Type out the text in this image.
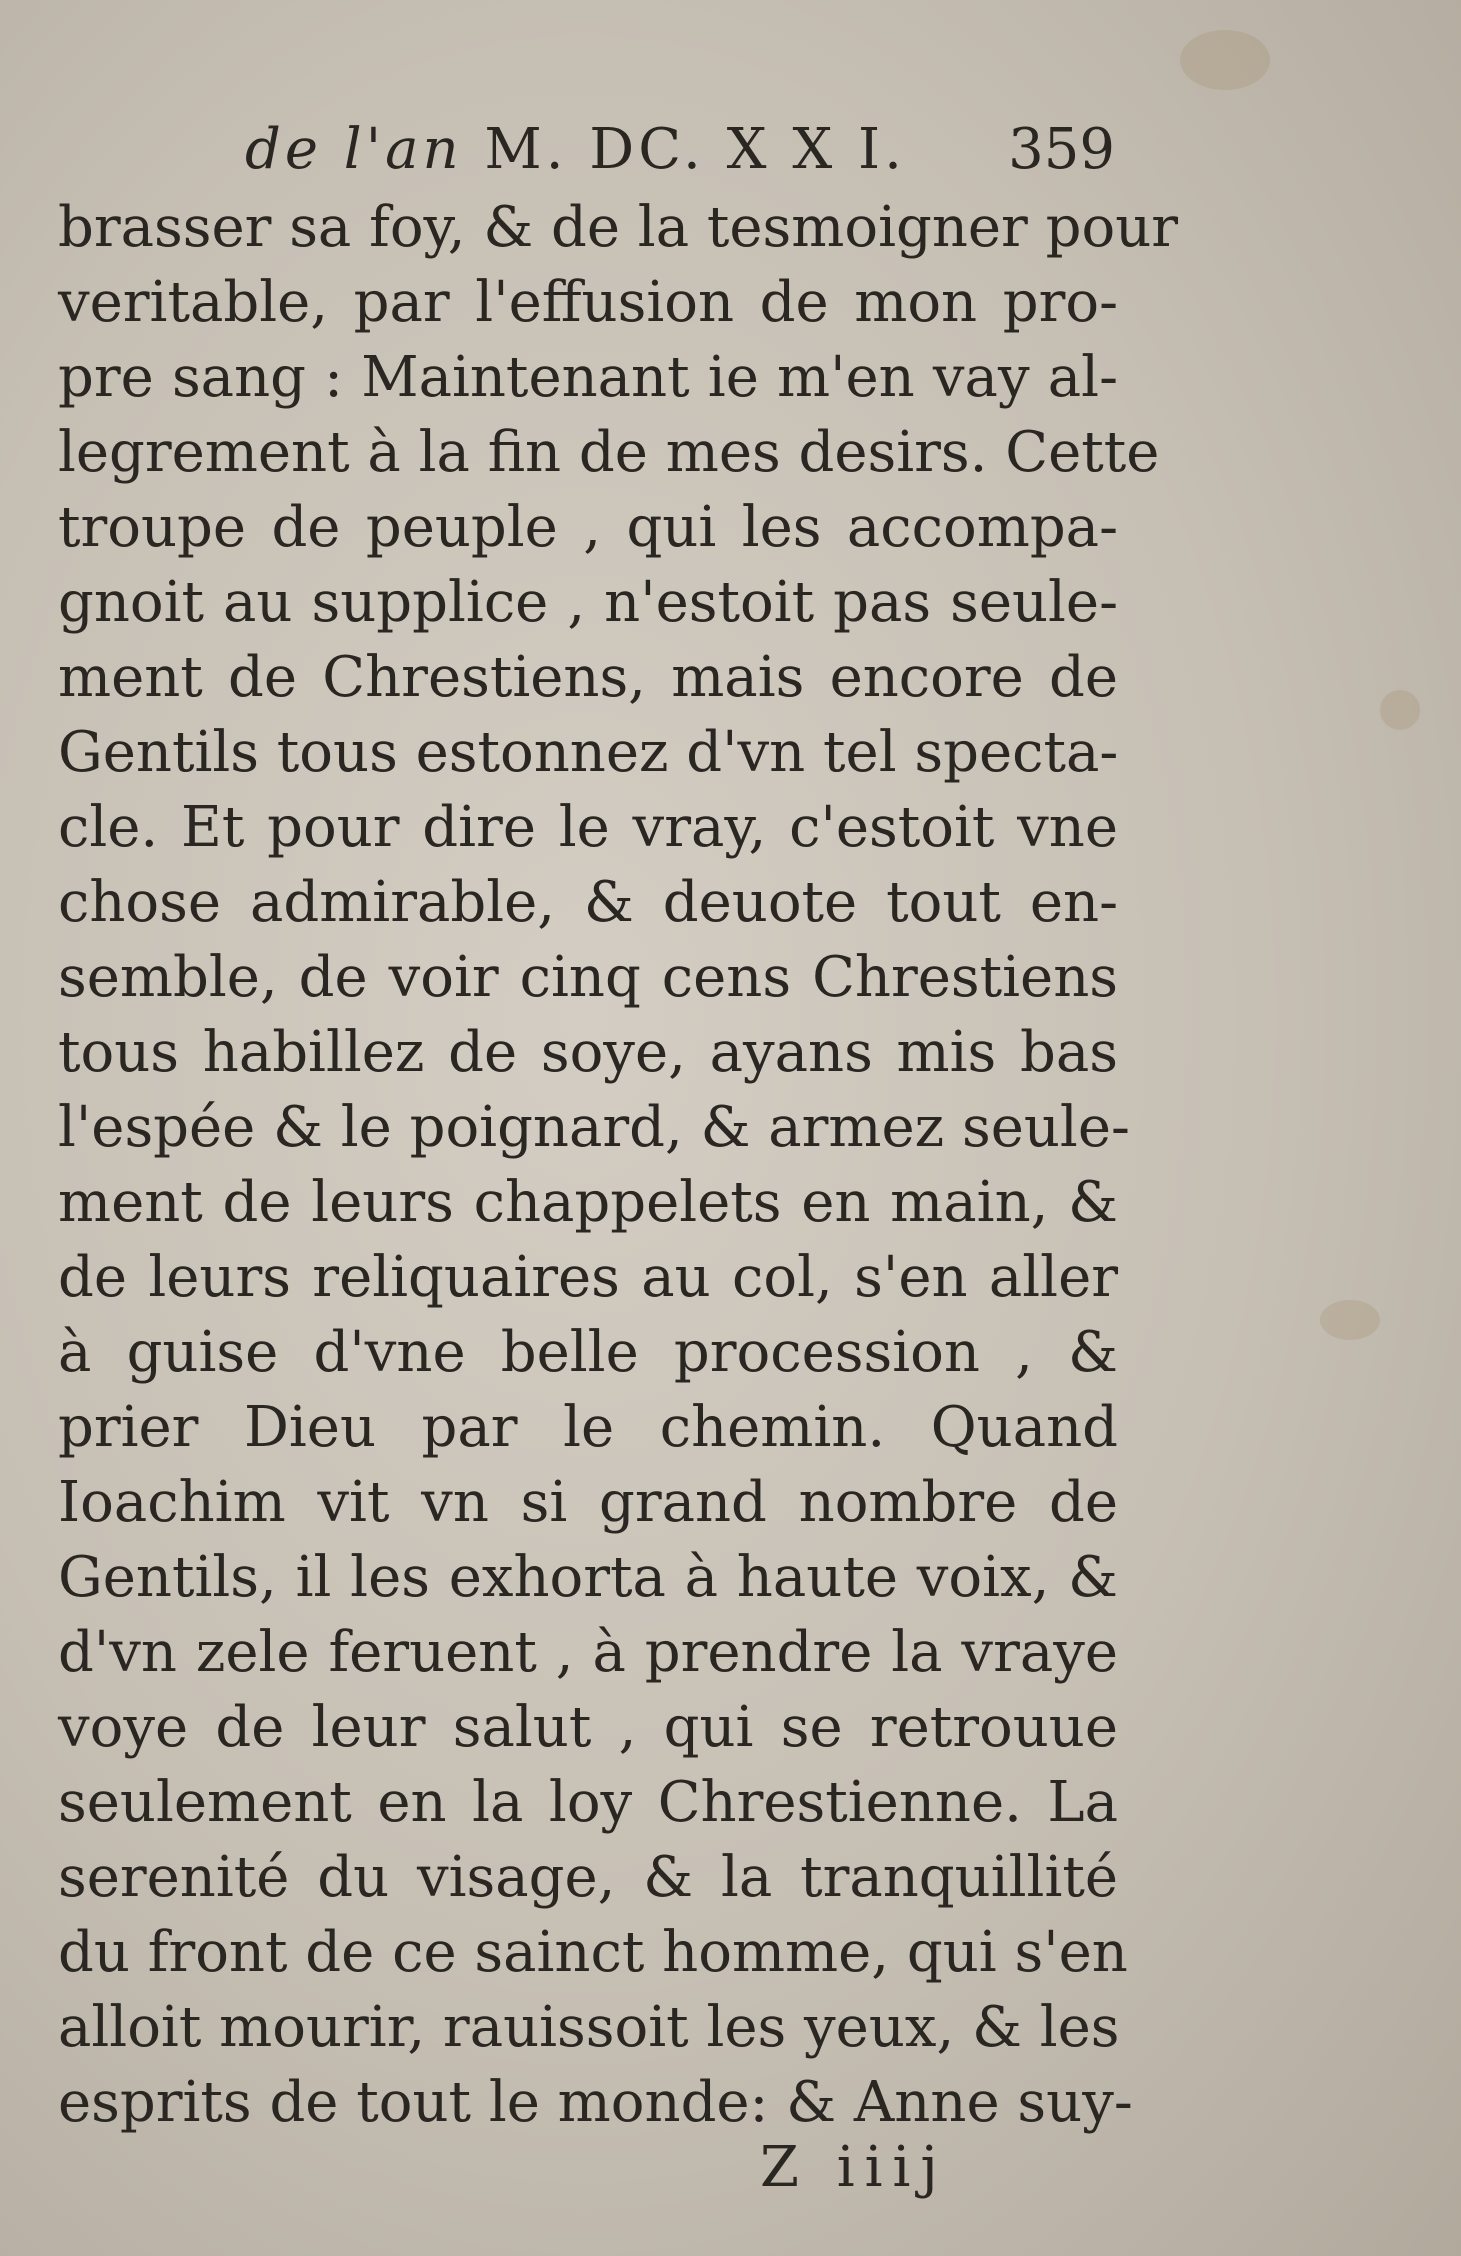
de l'an M. DC. X X I. 359
brasser sa foy, & de la tesmoigner pour
veritable, par l'effusion de mon pro-
pre sang : Maintenant ie m'en vay al-
legrement à la fin de mes desirs. Cette
troupe de peuple , qui les accompa-
gnoit au supplice , n'estoit pas seule-
ment de Chrestiens, mais encore de
Gentils tous estonnez d'vn tel specta-
cle. Et pour dire le vray, c'estoit vne
chose admirable, & deuote tout en-
semble, de voir cinq cens Chrestiens
tous habillez de soye, ayans mis bas
l'espée & le poignard, & armez seule-
ment de leurs chappelets en main, &
de leurs reliquaires au col, s'en aller
à guise d'vne belle procession , &
prier Dieu par le chemin. Quand
Ioachim vit vn si grand nombre de
Gentils, il les exhorta à haute voix, &
d'vn zele feruent , à prendre la vraye
voye de leur salut , qui se retrouue
seulement en la loy Chrestienne. La
serenité du visage, & la tranquillité
du front de ce sainct homme, qui s'en
alloit mourir, rauissoit les yeux, & les
esprits de tout le monde: & Anne suy-
Z iiij
